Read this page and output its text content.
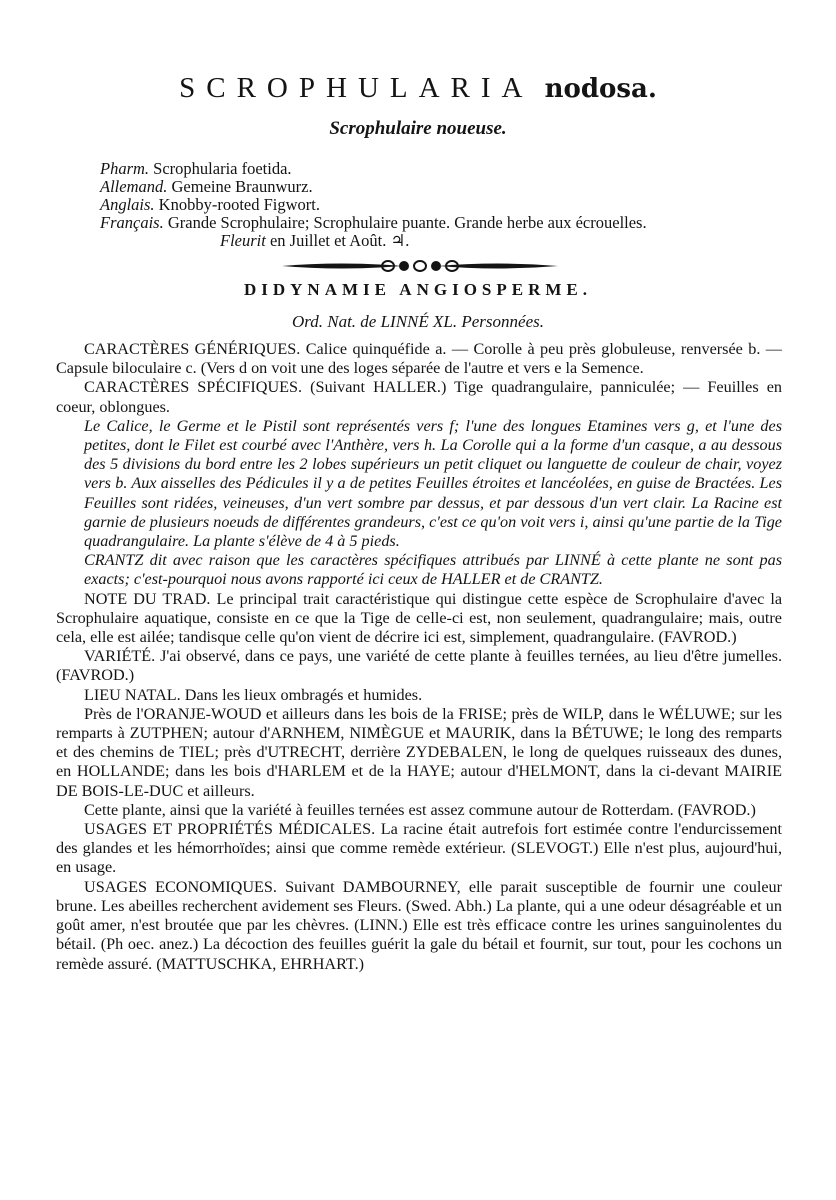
SCROPHULARIA nodosa.
Scrophulaire noueuse.
Pharm. Scrophularia foetida.
Allemand. Gemeine Braunwurz.
Anglais. Knobby-rooted Figwort.
Français. Grande Scrophulaire; Scrophulaire puante. Grande herbe aux écrouelles.
Fleurit en Juillet et Août. ♃.
DIDYNAMIE ANGIOSPERME.
Ord. Nat. de LINNÉ XL. Personnées.

CARACTÈRES GÉNÉRIQUES. Calice quinquéfide a. — Corolle à peu près globuleuse, renversée b. — Capsule biloculaire c. (Vers d on voit une des loges séparée de l'autre et vers e la Semence.

CARACTÈRES SPÉCIFIQUES. (Suivant HALLER.) Tige quadrangulaire, panniculée; — Feuilles en coeur, oblongues.

Le Calice, le Germe et le Pistil sont représentés vers f; l'une des longues Etamines vers g, et l'une des petites, dont le Filet est courbé avec l'Anthère, vers h. La Corolle qui a la forme d'un casque, a au dessous des 5 divisions du bord entre les 2 lobes supérieurs un petit cliquet ou languette de couleur de chair, voyez vers b. Aux aisselles des Pédicules il y a de petites Feuilles étroites et lancéolées, en guise de Bractées. Les Feuilles sont ridées, veineuses, d'un vert sombre par dessus, et par dessous d'un vert clair. La Racine est garnie de plusieurs noeuds de différentes grandeurs, c'est ce qu'on voit vers i, ainsi qu'une partie de la Tige quadrangulaire. La plante s'élève de 4 à 5 pieds.

CRANTZ dit avec raison que les caractères spécifiques attribués par LINNÉ à cette plante ne sont pas exacts; c'est-pourquoi nous avons rapporté ici ceux de HALLER et de CRANTZ.

NOTE DU TRAD. Le principal trait caractéristique qui distingue cette espèce de Scrophulaire d'avec la Scrophulaire aquatique, consiste en ce que la Tige de celle-ci est, non seulement, quadrangulaire; mais, outre cela, elle est ailée; tandisque celle qu'on vient de décrire ici est, simplement, quadrangulaire. (FAVROD.)

VARIÉTÉ. J'ai observé, dans ce pays, une variété de cette plante à feuilles ternées, au lieu d'être jumelles. (FAVROD.)

LIEU NATAL. Dans les lieux ombragés et humides.

Près de l'ORANJE-WOUD et ailleurs dans les bois de la FRISE; près de WILP, dans le WÉLUWE; sur les remparts à ZUTPHEN; autour d'ARNHEM, NIMÈGUE et MAURIK, dans la BÉTUWE; le long des remparts et des chemins de TIEL; près d'UTRECHT, derrière ZYDEBALEN, le long de quelques ruisseaux des dunes, en HOLLANDE; dans les bois d'HARLEM et de la HAYE; autour d'HELMONT, dans la ci-devant MAIRIE DE BOIS-LE-DUC et ailleurs.

Cette plante, ainsi que la variété à feuilles ternées est assez commune autour de Rotterdam. (FAVROD.)

USAGES ET PROPRIÉTÉS MÉDICALES. La racine était autrefois fort estimée contre l'endurcissement des glandes et les hémorrhoïdes; ainsi que comme remède extérieur. (SLEVOGT.) Elle n'est plus, aujourd'hui, en usage.

USAGES ECONOMIQUES. Suivant DAMBOURNEY, elle parait susceptible de fournir une couleur brune. Les abeilles recherchent avidement ses Fleurs. (Swed. Abh.) La plante, qui a une odeur désagréable et un goût amer, n'est broutée que par les chèvres. (LINN.) Elle est très efficace contre les urines sanguinolentes du bétail. (Ph oec. anez.) La décoction des feuilles guérit la gale du bétail et fournit, sur tout, pour les cochons un remède assuré. (MATTUSCHKA, EHRHART.)
